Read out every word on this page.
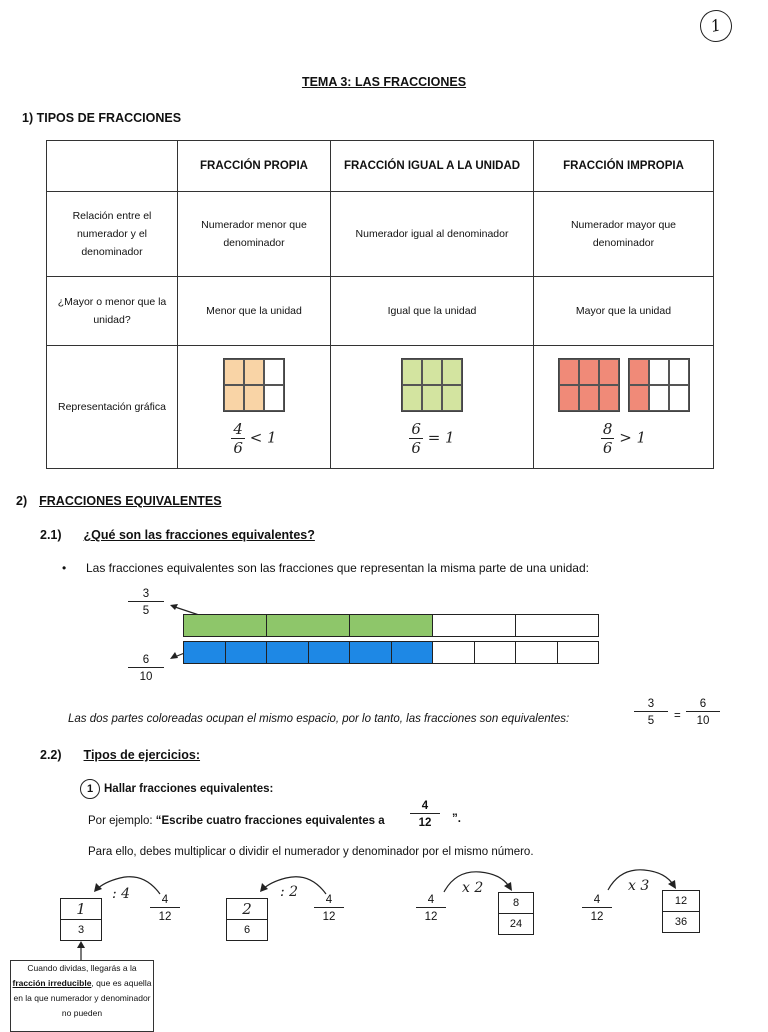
1
TEMA 3: LAS FRACCIONES
1) TIPOS DE FRACCIONES
	FRACCIÓN PROPIA	FRACCIÓN IGUAL A LA UNIDAD	FRACCIÓN IMPROPIA
Relación entre el numerador y el denominador	Numerador menor que denominador	Numerador igual al denominador	Numerador mayor que denominador
¿Mayor o menor que la unidad?	Menor que la unidad	Igual que la unidad	Mayor que la unidad
Representación gráfica	$\frac{4}{6} < 1$	$\frac{6}{6} = 1$	$\frac{8}{6} > 1$
2) FRACCIONES EQUIVALENTES
2.1) ¿Qué son las fracciones equivalentes?
• Las fracciones equivalentes son las fracciones que representan la misma parte de una unidad:
$\frac{3}{5}$
$\frac{6}{10}$
Las dos partes coloreadas ocupan el mismo espacio, por lo tanto, las fracciones son equivalentes:	$\frac{3}{5} = \frac{6}{10}$
2.2) Tipos de ejercicios:
1 Hallar fracciones equivalentes:
Por ejemplo: “Escribe cuatro fracciones equivalentes a $\frac{4}{12}$ ”.
Para ello, debes multiplicar o dividir el numerador y denominador por el mismo número.
1
3
$\frac{4}{12}$
: 4
2
6
$\frac{4}{12}$
: 2
$\frac{4}{12}$	8
24
x 2
$\frac{4}{12}$	12
36
x 3
Cuando dividas, llegarás a la fracción irreducible, que es aquella en la que numerador y denominador no pueden
